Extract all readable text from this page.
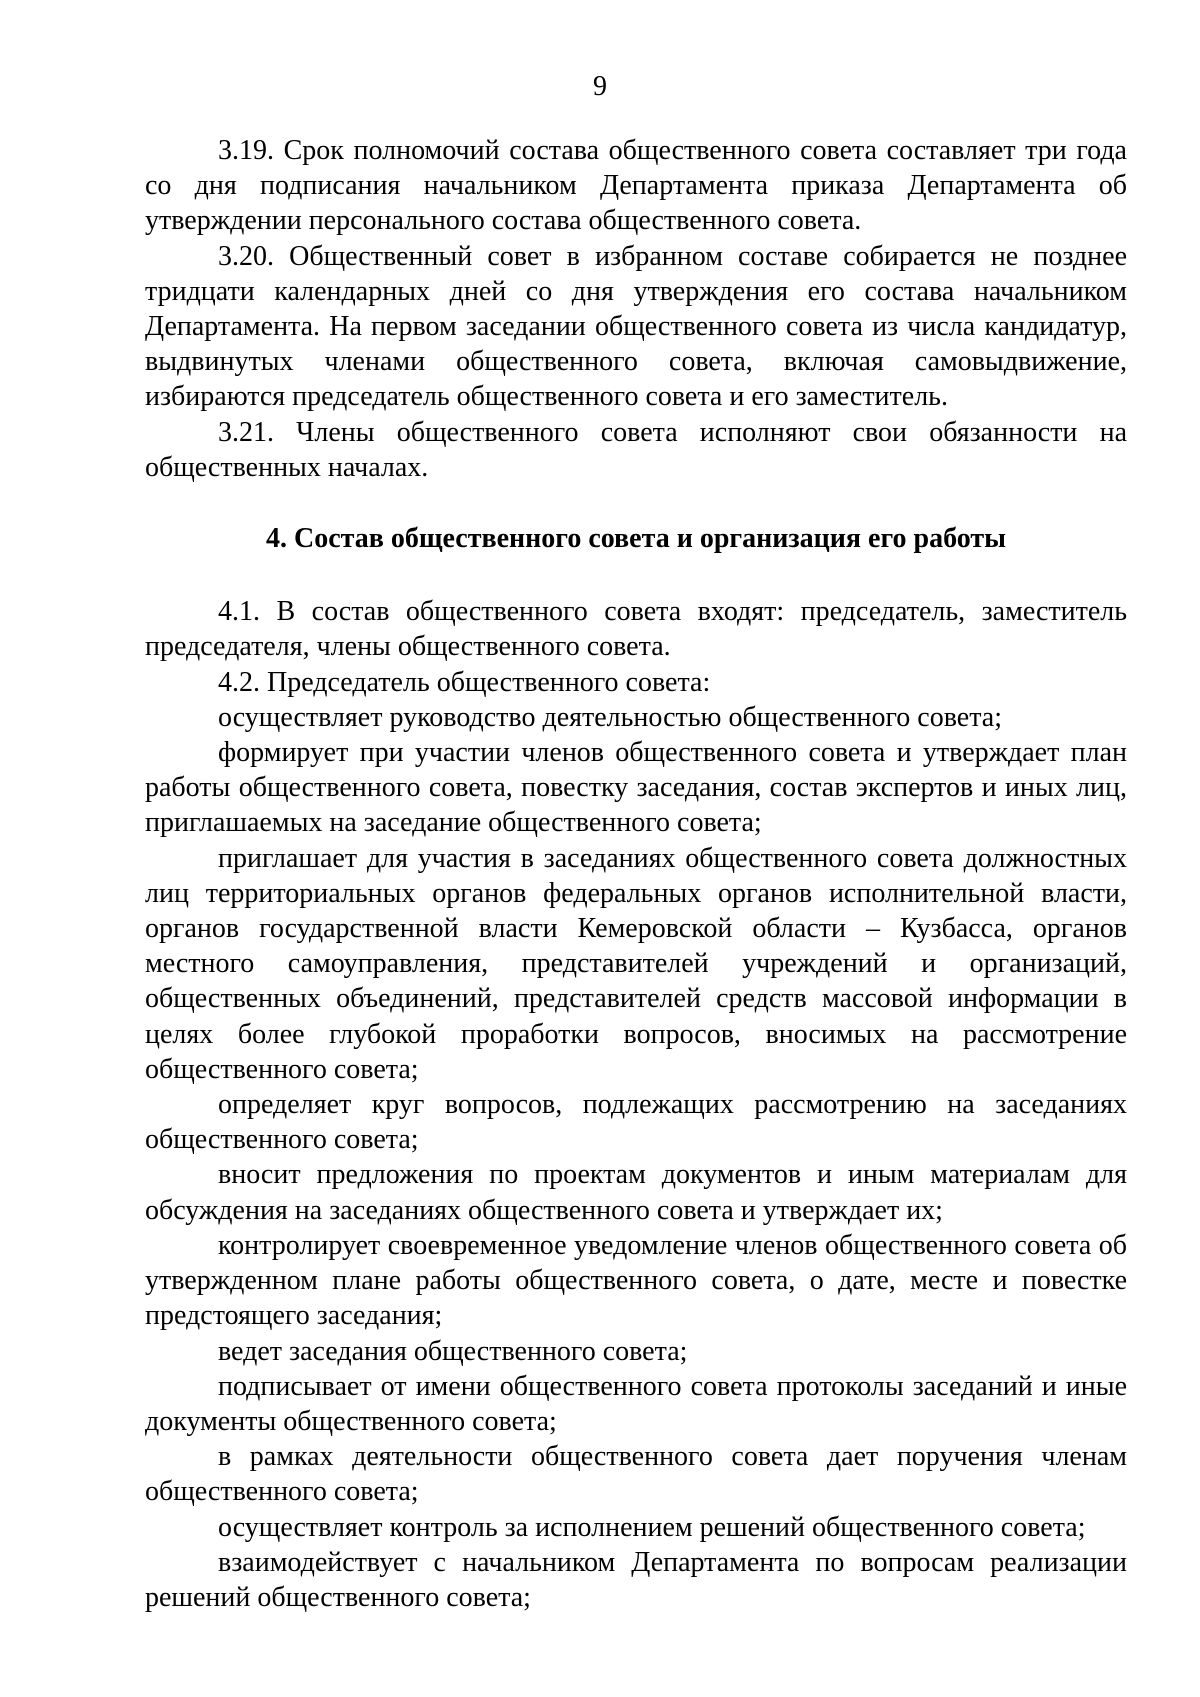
9

3.19. Срок полномочий состава общественного совета составляет три года со дня подписания начальником Департамента приказа Департамента об утверждении персонального состава общественного совета.

3.20. Общественный совет в избранном составе собирается не позднее тридцати календарных дней со дня утверждения его состава начальником Департамента. На первом заседании общественного совета из числа кандидатур, выдвинутых членами общественного совета, включая самовыдвижение, избираются председатель общественного совета и его заместитель.

3.21. Члены общественного совета исполняют свои обязанности на общественных началах.

4. Состав общественного совета и организация его работы

4.1. В состав общественного совета входят: председатель, заместитель председателя, члены общественного совета.

4.2. Председатель общественного совета:

осуществляет руководство деятельностью общественного совета;

формирует при участии членов общественного совета и утверждает план работы общественного совета, повестку заседания, состав экспертов и иных лиц, приглашаемых на заседание общественного совета;

приглашает для участия в заседаниях общественного совета должностных лиц территориальных органов федеральных органов исполнительной власти, органов государственной власти Кемеровской области – Кузбасса, органов местного самоуправления, представителей учреждений и организаций, общественных объединений, представителей средств массовой информации в целях более глубокой проработки вопросов, вносимых на рассмотрение общественного совета;

определяет круг вопросов, подлежащих рассмотрению на заседаниях общественного совета;

вносит предложения по проектам документов и иным материалам для обсуждения на заседаниях общественного совета и утверждает их;

контролирует своевременное уведомление членов общественного совета об утвержденном плане работы общественного совета, о дате, месте и повестке предстоящего заседания;

ведет заседания общественного совета;

подписывает от имени общественного совета протоколы заседаний и иные документы общественного совета;

в рамках деятельности общественного совета дает поручения членам общественного совета;

осуществляет контроль за исполнением решений общественного совета;

взаимодействует с начальником Департамента по вопросам реализации решений общественного совета;
